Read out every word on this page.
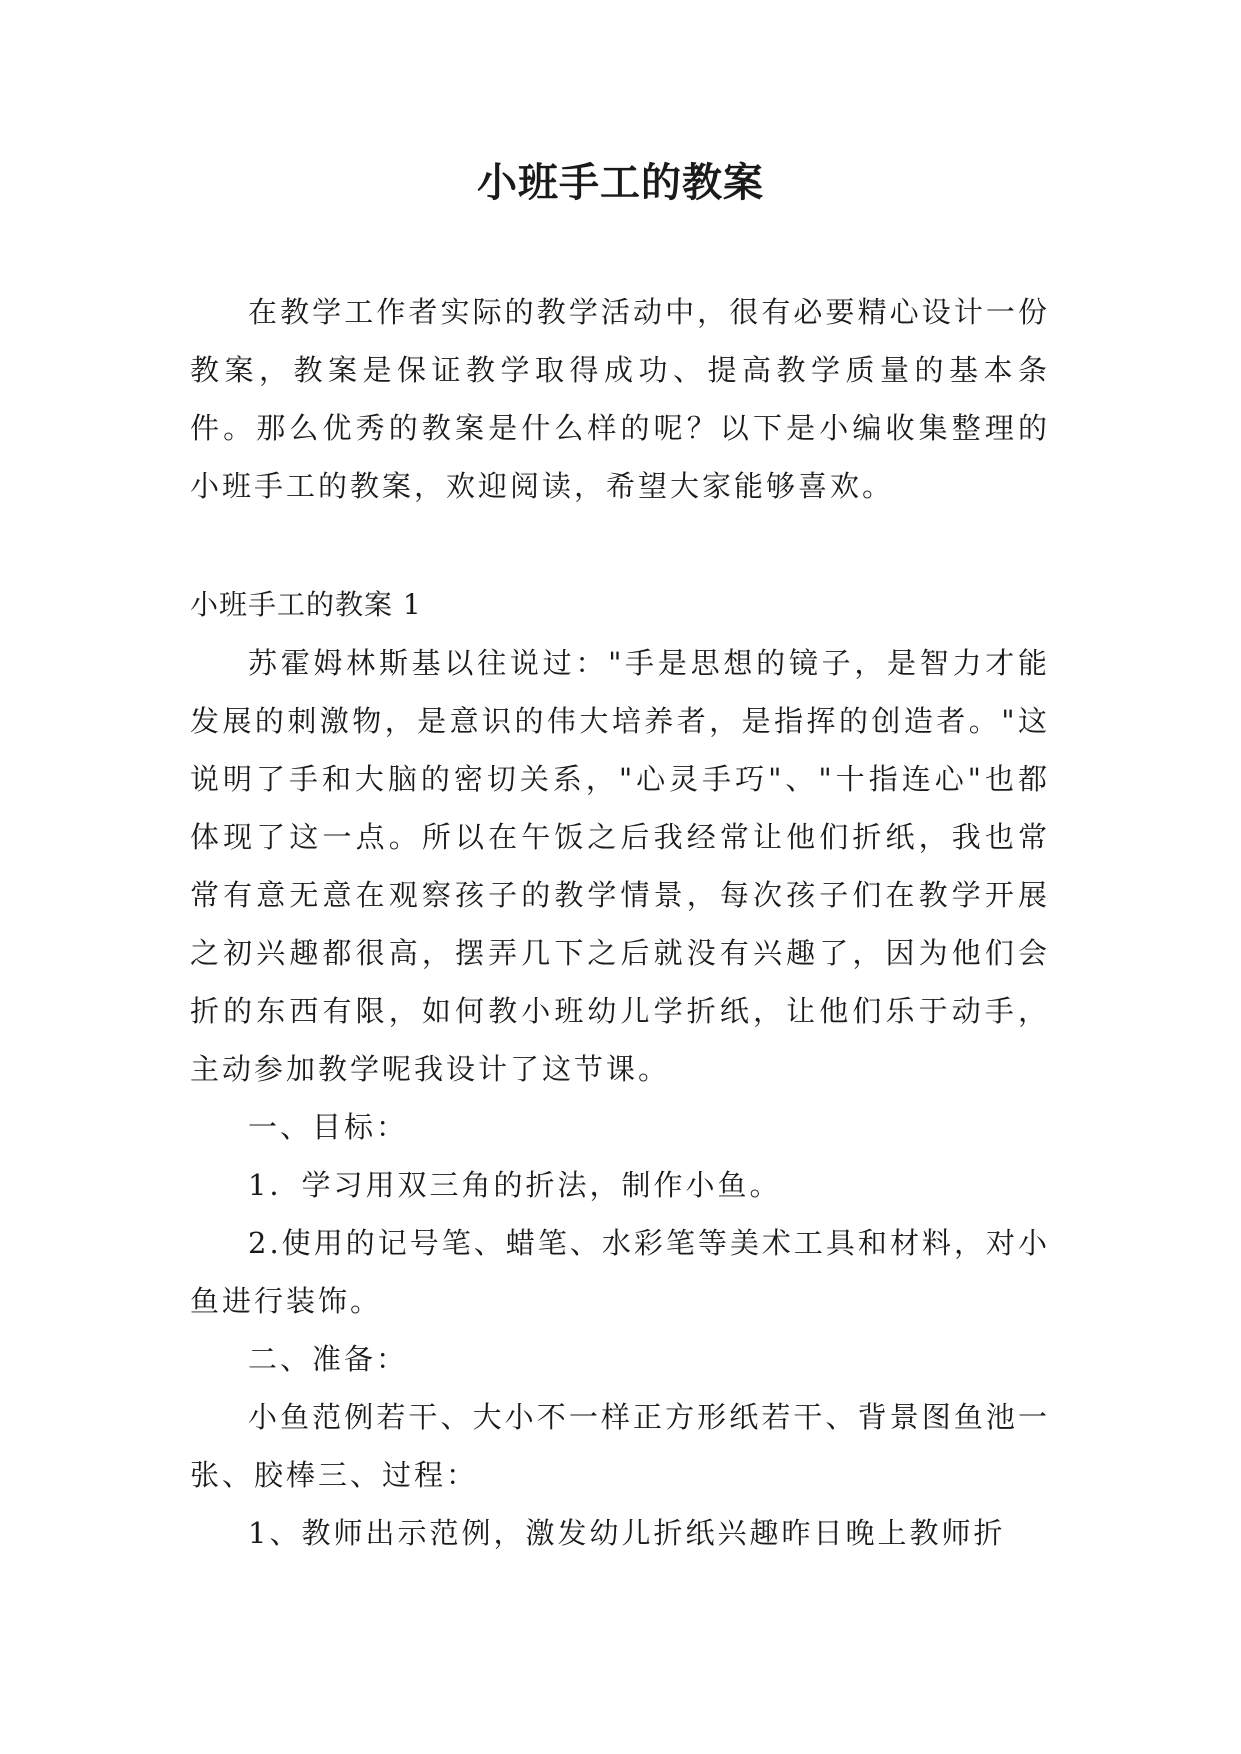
小班手工的教案

在教学工作者实际的教学活动中，很有必要精心设计一份教案，教案是保证教学取得成功、提高教学质量的基本条件。那么优秀的教案是什么样的呢？以下是小编收集整理的小班手工的教案，欢迎阅读，希望大家能够喜欢。

小班手工的教案 1

苏霍姆林斯基以往说过："手是思想的镜子，是智力才能发展的刺激物，是意识的伟大培养者，是指挥的创造者。"这说明了手和大脑的密切关系，"心灵手巧"、"十指连心"也都体现了这一点。所以在午饭之后我经常让他们折纸，我也常常有意无意在观察孩子的教学情景，每次孩子们在教学开展之初兴趣都很高，摆弄几下之后就没有兴趣了，因为他们会折的东西有限，如何教小班幼儿学折纸，让他们乐于动手，主动参加教学呢我设计了这节课。

一、目标：

1．学习用双三角的折法，制作小鱼。

2.使用的记号笔、蜡笔、水彩笔等美术工具和材料，对小鱼进行装饰。

二、准备：

小鱼范例若干、大小不一样正方形纸若干、背景图鱼池一张、胶棒三、过程：

1、教师出示范例，激发幼儿折纸兴趣昨日晚上教师折
